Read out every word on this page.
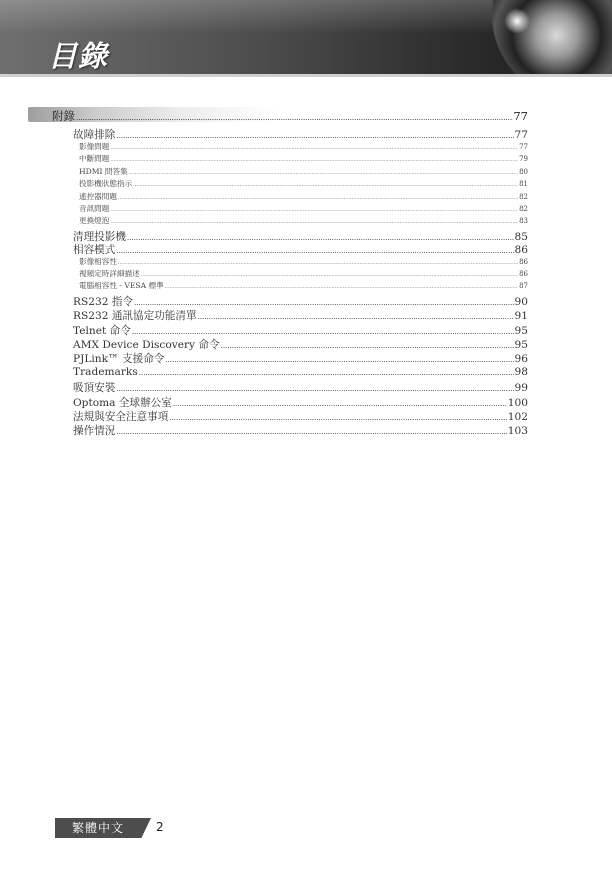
目錄
附錄 .....	77
故障排除 .....	77
影像問題 .....	77
中斷問題 .....	79
HDMI 問答集 .....	80
投影機狀態指示 .....	81
遙控器問題 .....	82
音訊問題 .....	82
更換燈泡 .....	83
清理投影機 .....	85
相容模式 .....	86
影像相容性 .....	86
視頻定時詳細描述 .....	86
電腦相容性 - VESA 標準 .....	87
RS232 指令 .....	90
RS232 通訊協定功能清單 .....	91
Telnet 命令 .....	95
AMX Device Discovery 命令 .....	95
PJLink™ 支援命令 .....	96
Trademarks .....	98
吸頂安裝 .....	99
Optoma 全球辦公室 .....	100
法規與安全注意事項 .....	102
操作情況 .....	103
繁體中文	2
